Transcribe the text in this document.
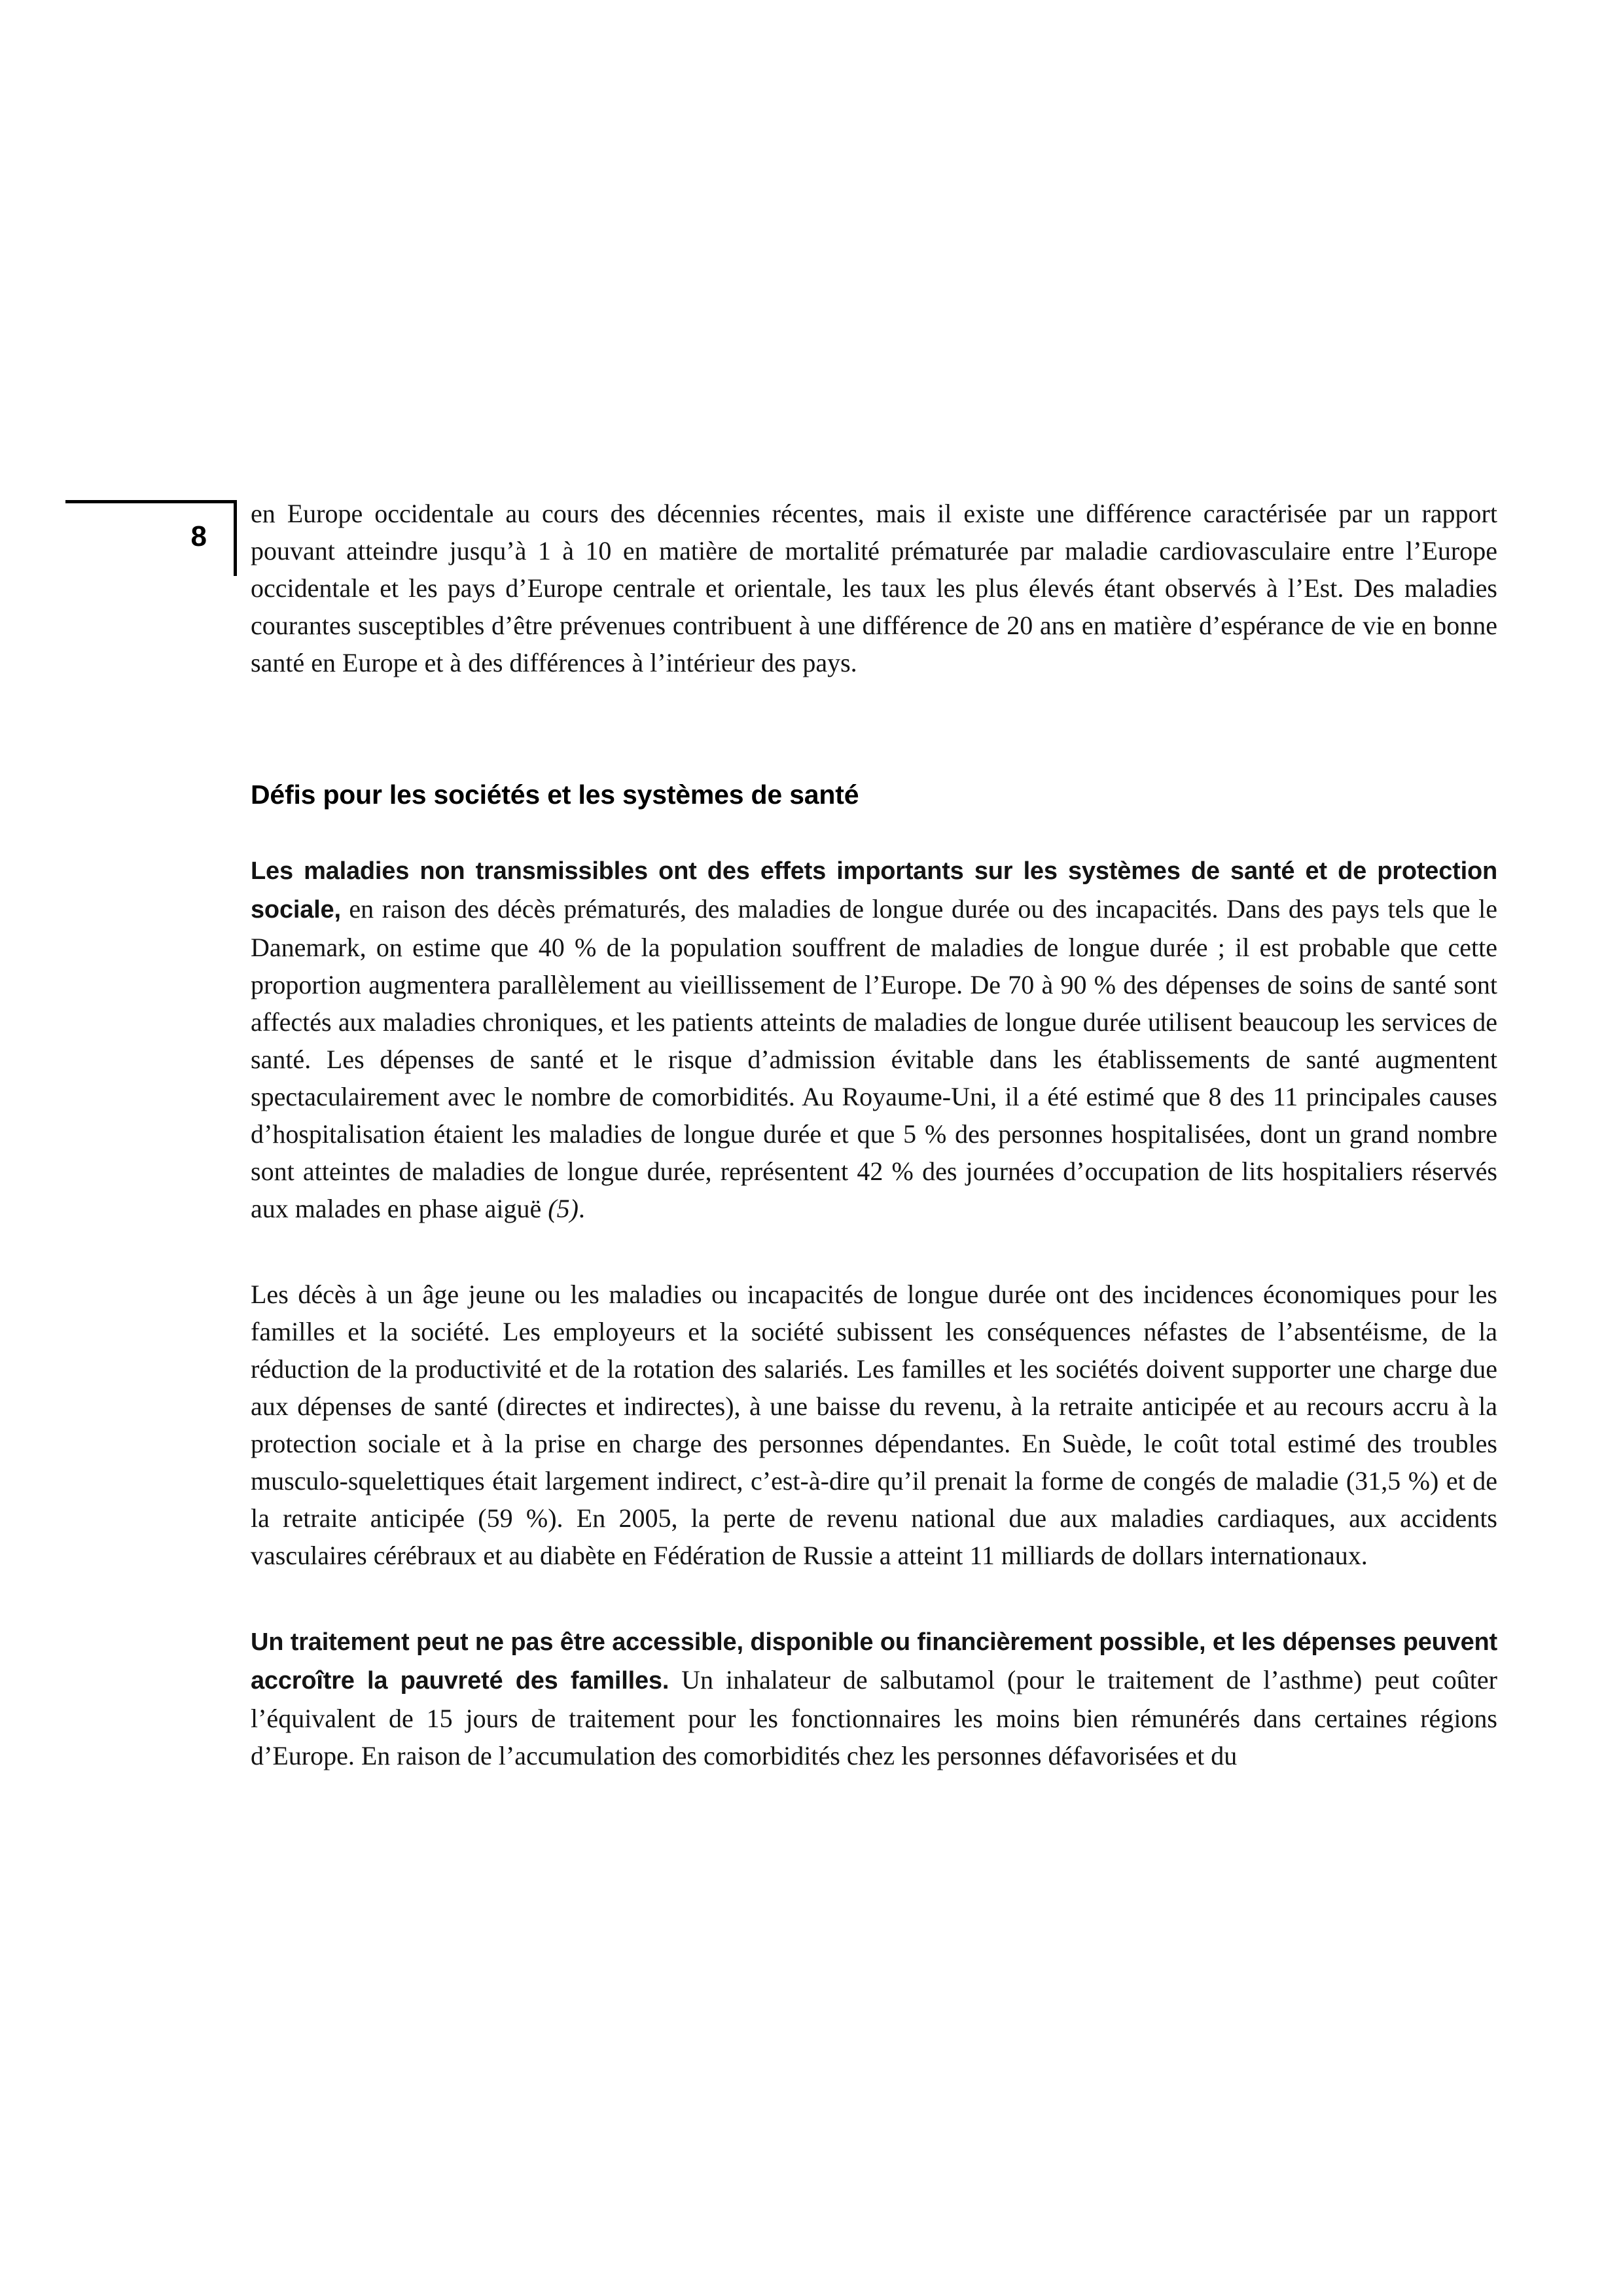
8

en Europe occidentale au cours des décennies récentes, mais il existe une différence caractérisée par un rapport pouvant atteindre jusqu’à 1 à 10 en matière de mortalité prématurée par maladie cardiovasculaire entre l’Europe occidentale et les pays d’Europe centrale et orientale, les taux les plus élevés étant observés à l’Est. Des maladies courantes susceptibles d’être prévenues contribuent à une différence de 20 ans en matière d’espérance de vie en bonne santé en Europe et à des différences à l’intérieur des pays.

Défis pour les sociétés et les systèmes de santé

Les maladies non transmissibles ont des effets importants sur les systèmes de santé et de protection sociale, en raison des décès prématurés, des maladies de longue durée ou des incapacités. Dans des pays tels que le Danemark, on estime que 40 % de la population souffrent de maladies de longue durée ; il est probable que cette proportion augmentera parallèlement au vieillissement de l’Europe. De 70 à 90 % des dépenses de soins de santé sont affectés aux maladies chroniques, et les patients atteints de maladies de longue durée utilisent beaucoup les services de santé. Les dépenses de santé et le risque d’admission évitable dans les établissements de santé augmentent spectaculairement avec le nombre de comorbidités. Au Royaume-Uni, il a été estimé que 8 des 11 principales causes d’hospitalisation étaient les maladies de longue durée et que 5 % des personnes hospitalisées, dont un grand nombre sont atteintes de maladies de longue durée, représentent 42 % des journées d’occupation de lits hospitaliers réservés aux malades en phase aiguë (5).

Les décès à un âge jeune ou les maladies ou incapacités de longue durée ont des incidences économiques pour les familles et la société. Les employeurs et la société subissent les conséquences néfastes de l’absentéisme, de la réduction de la productivité et de la rotation des salariés. Les familles et les sociétés doivent supporter une charge due aux dépenses de santé (directes et indirectes), à une baisse du revenu, à la retraite anticipée et au recours accru à la protection sociale et à la prise en charge des personnes dépendantes. En Suède, le coût total estimé des troubles musculo-squelettiques était largement indirect, c’est-à-dire qu’il prenait la forme de congés de maladie (31,5 %) et de la retraite anticipée (59 %). En 2005, la perte de revenu national due aux maladies cardiaques, aux accidents vasculaires cérébraux et au diabète en Fédération de Russie a atteint 11 milliards de dollars internationaux.

Un traitement peut ne pas être accessible, disponible ou financièrement possible, et les dépenses peuvent accroître la pauvreté des familles. Un inhalateur de salbutamol (pour le traitement de l’asthme) peut coûter l’équivalent de 15 jours de traitement pour les fonctionnaires les moins bien rémunérés dans certaines régions d’Europe. En raison de l’accumulation des comorbidités chez les personnes défavorisées et du
